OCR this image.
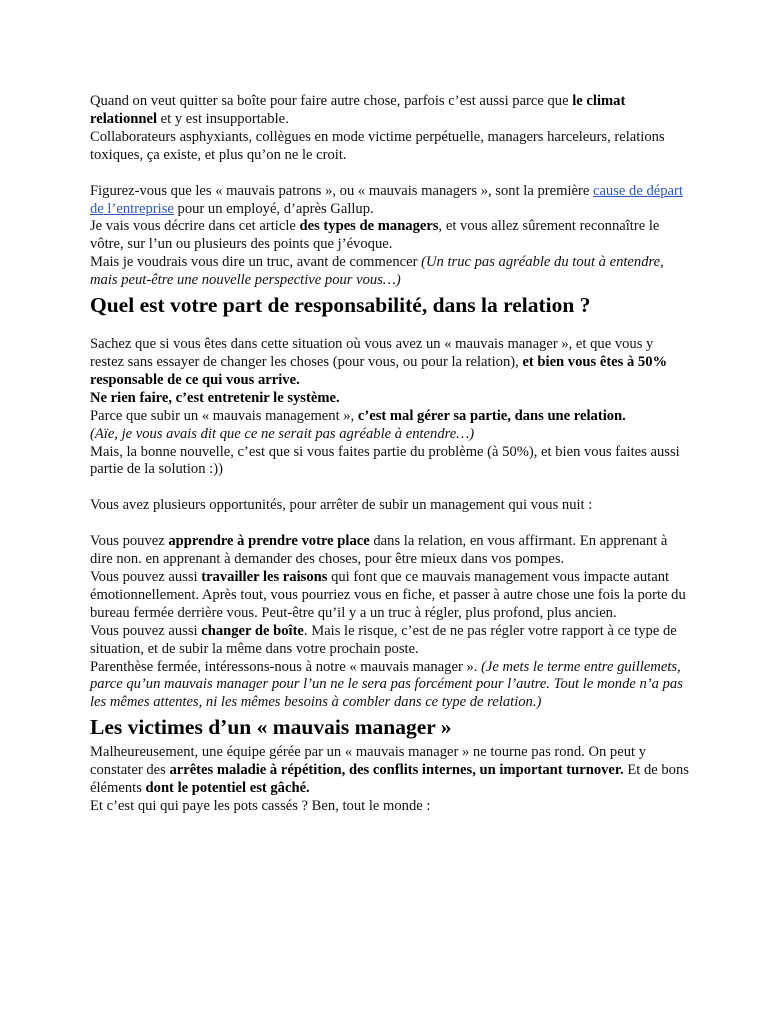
Quand on veut quitter sa boîte pour faire autre chose, parfois c’est aussi parce que le climat relationnel et y est insupportable.

Collaborateurs asphyxiants, collègues en mode victime perpétuelle, managers harceleurs, relations toxiques, ça existe, et plus qu’on ne le croit.

Figurez-vous que les « mauvais patrons », ou « mauvais managers », sont la première cause de départ de l’entreprise pour un employé, d’après Gallup.

Je vais vous décrire dans cet article des types de managers, et vous allez sûrement reconnaître le vôtre, sur l’un ou plusieurs des points que j’évoque.

Mais je voudrais vous dire un truc, avant de commencer (Un truc pas agréable du tout à entendre, mais peut-être une nouvelle perspective pour vous…)

Quel est votre part de responsabilité, dans la relation ?

Sachez que si vous êtes dans cette situation où vous avez un « mauvais manager », et que vous y restez sans essayer de changer les choses (pour vous, ou pour la relation), et bien vous êtes à 50% responsable de ce qui vous arrive.

Ne rien faire, c’est entretenir le système.

Parce que subir un « mauvais management », c’est mal gérer sa partie, dans une relation.

(Aïe, je vous avais dit que ce ne serait pas agréable à entendre…)

Mais, la bonne nouvelle, c’est que si vous faites partie du problème (à 50%), et bien vous faites aussi partie de la solution :))

Vous avez plusieurs opportunités, pour arrêter de subir un management qui vous nuit :

Vous pouvez apprendre à prendre votre place dans la relation, en vous affirmant. En apprenant à dire non. en apprenant à demander des choses, pour être mieux dans vos pompes.

Vous pouvez aussi travailler les raisons qui font que ce mauvais management vous impacte autant émotionnellement. Après tout, vous pourriez vous en fiche, et passer à autre chose une fois la porte du bureau fermée derrière vous. Peut-être qu’il y a un truc à régler, plus profond, plus ancien.

Vous pouvez aussi changer de boîte. Mais le risque, c’est de ne pas régler votre rapport à ce type de situation, et de subir la même dans votre prochain poste.

Parenthèse fermée, intéressons-nous à notre « mauvais manager ». (Je mets le terme entre guillemets, parce qu’un mauvais manager pour l’un ne le sera pas forcément pour l’autre. Tout le monde n’a pas les mêmes attentes, ni les mêmes besoins à combler dans ce type de relation.)

Les victimes d’un « mauvais manager »

Malheureusement, une équipe gérée par un « mauvais manager » ne tourne pas rond. On peut y constater des arrêtes maladie à répétition, des conflits internes, un important turnover. Et de bons éléments dont le potentiel est gâché.

Et c’est qui qui paye les pots cassés ? Ben, tout le monde :
